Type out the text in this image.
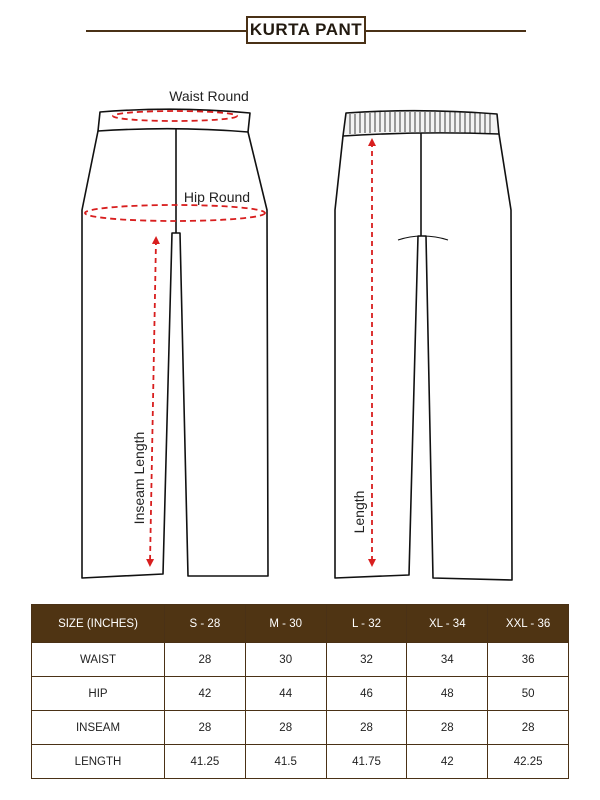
KURTA PANT
Waist Round
Hip Round
Inseam Length	Length
SIZE (INCHES)	S - 28	M - 30	L - 32	XL - 34	XXL - 36
WAIST	28	30	32	34	36
HIP	42	44	46	48	50
INSEAM	28	28	28	28	28
LENGTH	41.25	41.5	41.75	42	42.25
